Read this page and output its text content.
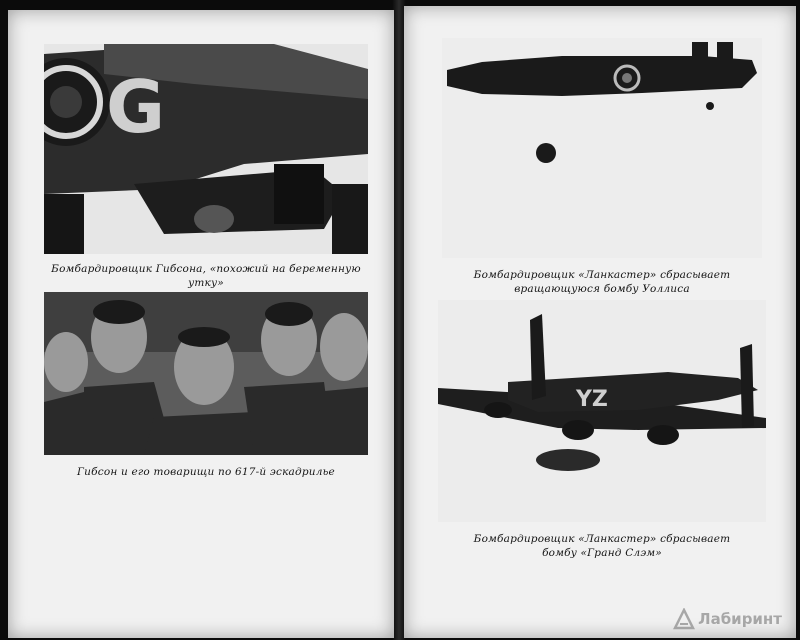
G
Бомбардировщик Гибсона, «похожий на беременную утку»
Гибсон и его товарищи по 617-й эскадрилье
Бомбардировщик «Ланкастер» сбрасывает
вращающуюся бомбу Уоллиса
YZ
Бомбардировщик «Ланкастер» сбрасывает
бомбу «Гранд Слэм»
Лабиринт
